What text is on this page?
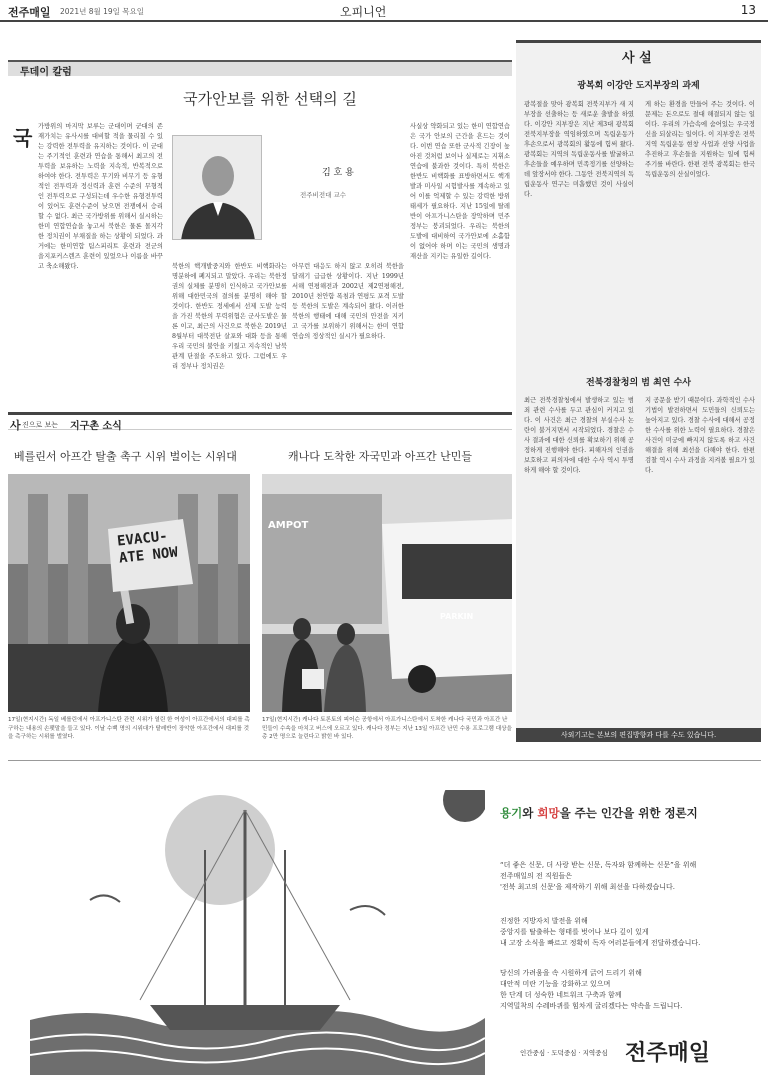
전주매일 2021년 8월 19일 목요일	오피니언	13
투데이 칼럼
국가안보를 위한 선택의 길
김 호 용
전주비전대 교수
국 가방위의 마지막 보루는 군대이며 군대의 존재가치는 유사시를 대비할 적을 물리칠 수 있는 강력한 전투력을 유지하는 것이다. 이 군대는 주기적인 훈련과 연습을 통해서 최고의 전투력을 보유하는 노력을 지속적, 반복적으로 하여야 한다. 전투력은 무기와 비무기 등 유형적인 전투력과 정신력과 훈련 수준의 무형적인 전투력으로 구성되는데 우수한 유형전투력이 있어도 훈련수준이 낮으면 전쟁에서 승리할 수 없다. 최근 국가방위를 위해서 실시하는 한미 연합연습을 놓고서 북한은 물론 몰지각한 정치권이 부채질을 하는 상황이 되었다. 과거에는 한미연합 팀스피리트 훈련과 전군의 을지포커스렌즈 훈련이 있었으나 이름을 바꾸고 축소해왔다.	북한의 핵개발중지와 한반도 비핵화라는 명분하에 폐지되고 말았다. 우리는 북한정권의 실체를 분명히 인식하고 국가안보를 위해 대한민국의 결의를 분명히 해야 할 것이다. 한반도 정세에서 선제 도발 능력을 가진 북한의 무력위협은 군사도발은 물론 이고, 최근의 사건으로 북한은 2019년 8월부터 대북전단 살포와 대화 등을 통해 우리 국민의 불안을 키웠고 지속적인 남북관계 단절을 주도하고 있다. 그럼에도 우리 정부나 정치권은
아무런 대응도 하지 않고 오히려 북한을 달래기 급급한 상황이다. 지난 1999년 서해 연평해전과 2002년 제2연평해전, 2010년 천안함 폭침과 연평도 포격 도발 등 북한의 도발은 계속되어 왔다. 이러한 북한의 행태에 대해 국민의 안전을 지키고 국가를 보위하기 위해서는 한미 연합연습의 정상적인 실시가 필요하다.
사실상 약화되고 있는 한미 연합연습은 국가 안보의 근간을 흔드는 것이다. 이번 연습 또한 군사적 긴장이 높아진 것처럼 보이나 실제로는 지휘소 연습에 불과한 것이다. 특히 북한은 한반도 비핵화를 표방하면서도 핵개발과 미사일 시험발사를 계속하고 있어 이를 억제할 수 있는 강력한 방위태세가 필요하다. 지난 15일에 탈레반이 아프가니스탄을 장악하며 민주정부는 붕괴되었다. 우리는 북한의 도발에 대비하여 국가안보에 소홀함이 없어야 하며 이는 국민의 생명과 재산을 지키는 유일한 길이다.
사 설
광복회 이강안 도지부장의 과제
광복절을 맞아 광복회 전북지부가 새 지부장을 선출하는 등 새로운 출발을 하였다. 이강안 지부장은 지난 제3대 광복회 전북지부장을 역임하였으며 독립운동가 후손으로서 광복회의 활동에 힘써 왔다. 광복회는 지역의 독립운동사를 발굴하고 후손들을 예우하며 민족정기를 선양하는 데 앞장서야 한다. 그동안 전북지역의 독립운동사 연구는 미흡했던 것이 사실이다.
게 하는 환경을 만들어 주는 것이다. 이 문제는 돈으로도 절대 해결되지 않는 일이다. 우리의 가슴속에 숨어있는 우국정신을 되살리는 일이다. 이 지부장은 전북 지역 독립운동 현창 사업과 선양 사업을 추진하고 후손들을 지원하는 일에 힘써 주기를 바란다. 한편 전북 광복회는 한국 독립운동의 산실이었다.
전북경찰청의 범 최연 수사
최근 전북경찰청에서 발생하고 있는 범죄 관련 수사를 두고 관심이 커지고 있다. 이 사건은 최근 경찰의 부실수사 논란이 불거지면서 시작되었다. 경찰은 수사 결과에 대한 신뢰를 확보하기 위해 공정하게 진행해야 한다. 피해자의 인권을 보호하고 피의자에 대한 수사 역시 투명하게 해야 할 것이다.
지 공문을 받기 때문이다. 과학적인 수사 기법이 발전하면서 도민들의 신뢰도는 높아지고 있다. 경찰 수사에 대해서 공정한 수사를 위한 노력이 필요하다. 경찰은 사건이 미궁에 빠지지 않도록 하고 사건 해결을 위해 최선을 다해야 한다. 한편 검찰 역시 수사 과정을 지켜볼 필요가 있다.
사외기고는 본보의 편집방향과 다를 수도 있습니다.
사 진으로 보는 지구촌 소식
베를린서 아프간 탈출 촉구 시위 벌이는 시위대	캐나다 도착한 자국민과 아프간 난민들
EVACU- ATE NOW
AMPOT
PARKIN
17일(현지시간) 독일 베를린에서 아프가니스탄 관련 시위가 열린 한 여성이 아프간에서의 대피를 촉구하는 내용의 손팻말을 들고 있다. 이날 수백 명의 시위대가 탈레반이 장악한 아프간에서 대피를 것을 촉구하는 시위를 벌였다.
17일(현지시간) 캐나다 토론토의 피어슨 공항에서 아프가니스탄에서 도착한 캐나다 국민과 아프간 난민들이 수속을 마치고 버스에 오르고 있다. 캐나다 정부는 지난 13일 아프간 난민 수용 프로그램 대상을 총 2만 명으로 늘린다고 밝힌 바 있다.
용기와 희망을 주는 인간을 위한 정론지
“더 좋은 신문, 더 사랑 받는 신문, 독자와 함께하는 신문”을 위해
전주매일의 전 직원들은
'전북 최고의 신문'을 제작하기 위해 최선을 다하겠습니다.
진정한 지방자치 발전을 위해
중앙지를 탈출하는 형태를 벗어나 보다 깊이 있게
내 고장 소식을 빠르고 정확히 독자 여러분들에게 전달하겠습니다.
당신의 가려움을 속 시원하게 긁어 드리기 위해
대안적 미란 기능을 강화하고 있으며
한 단계 더 성숙한 네트워크 구축과 함께
지역밀착의 수레바퀴를 힘차게 굴리겠다는 약속을 드립니다.
인간중심 · 도덕중심 · 지역중심 전주매일
